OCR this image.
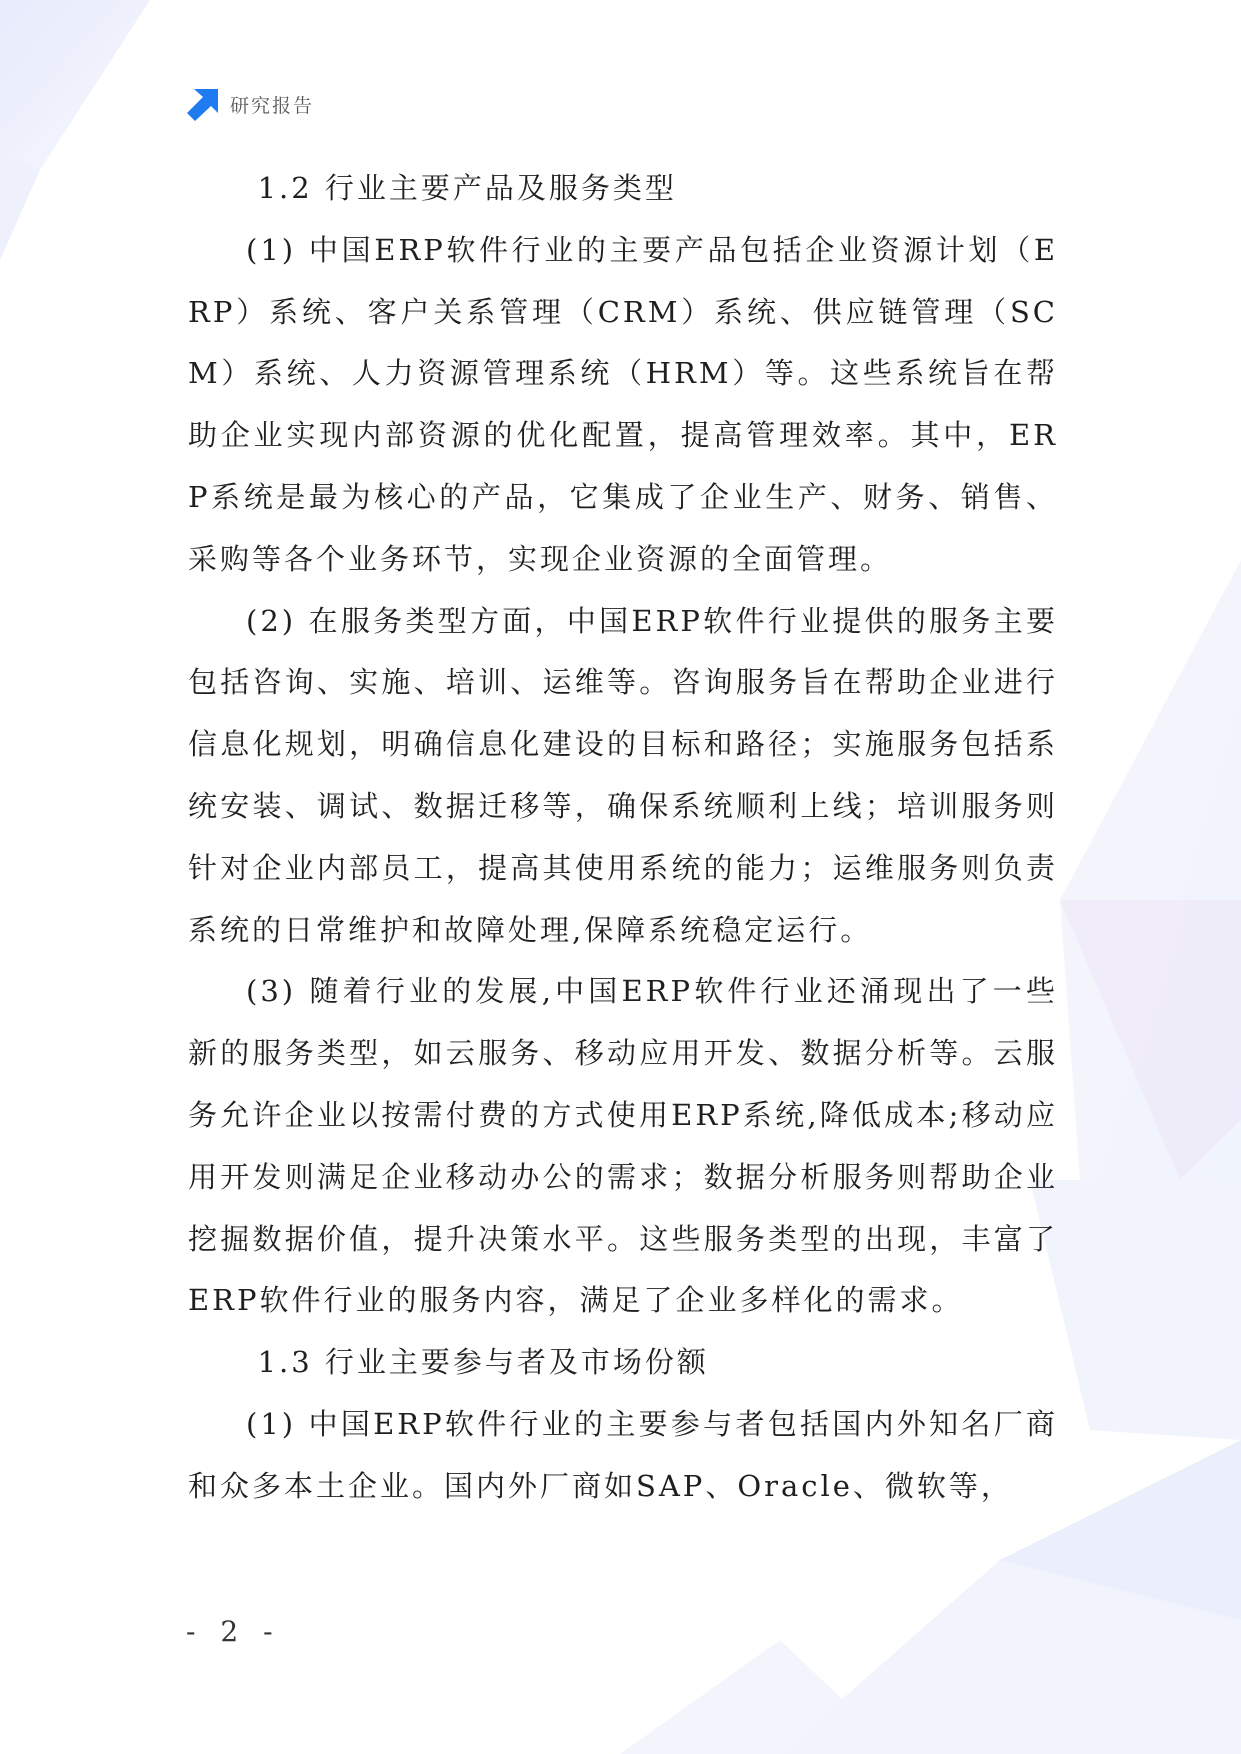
研究报告

1.2 行业主要产品及服务类型

(1) 中国ERP软件行业的主要产品包括企业资源计划（ERP）系统、客户关系管理（CRM）系统、供应链管理（SCM）系统、人力资源管理系统（HRM）等。这些系统旨在帮助企业实现内部资源的优化配置，提高管理效率。其中，ERP系统是最为核心的产品，它集成了企业生产、财务、销售、采购等各个业务环节，实现企业资源的全面管理。

(2) 在服务类型方面，中国ERP软件行业提供的服务主要包括咨询、实施、培训、运维等。咨询服务旨在帮助企业进行信息化规划，明确信息化建设的目标和路径；实施服务包括系统安装、调试、数据迁移等，确保系统顺利上线；培训服务则针对企业内部员工，提高其使用系统的能力；运维服务则负责系统的日常维护和故障处理,保障系统稳定运行。

(3) 随着行业的发展,中国ERP软件行业还涌现出了一些新的服务类型，如云服务、移动应用开发、数据分析等。云服务允许企业以按需付费的方式使用ERP系统,降低成本;移动应用开发则满足企业移动办公的需求；数据分析服务则帮助企业挖掘数据价值，提升决策水平。这些服务类型的出现，丰富了ERP软件行业的服务内容，满足了企业多样化的需求。

1.3 行业主要参与者及市场份额

(1) 中国ERP软件行业的主要参与者包括国内外知名厂商和众多本土企业。国内外厂商如SAP、Oracle、微软等，

- 2 -
